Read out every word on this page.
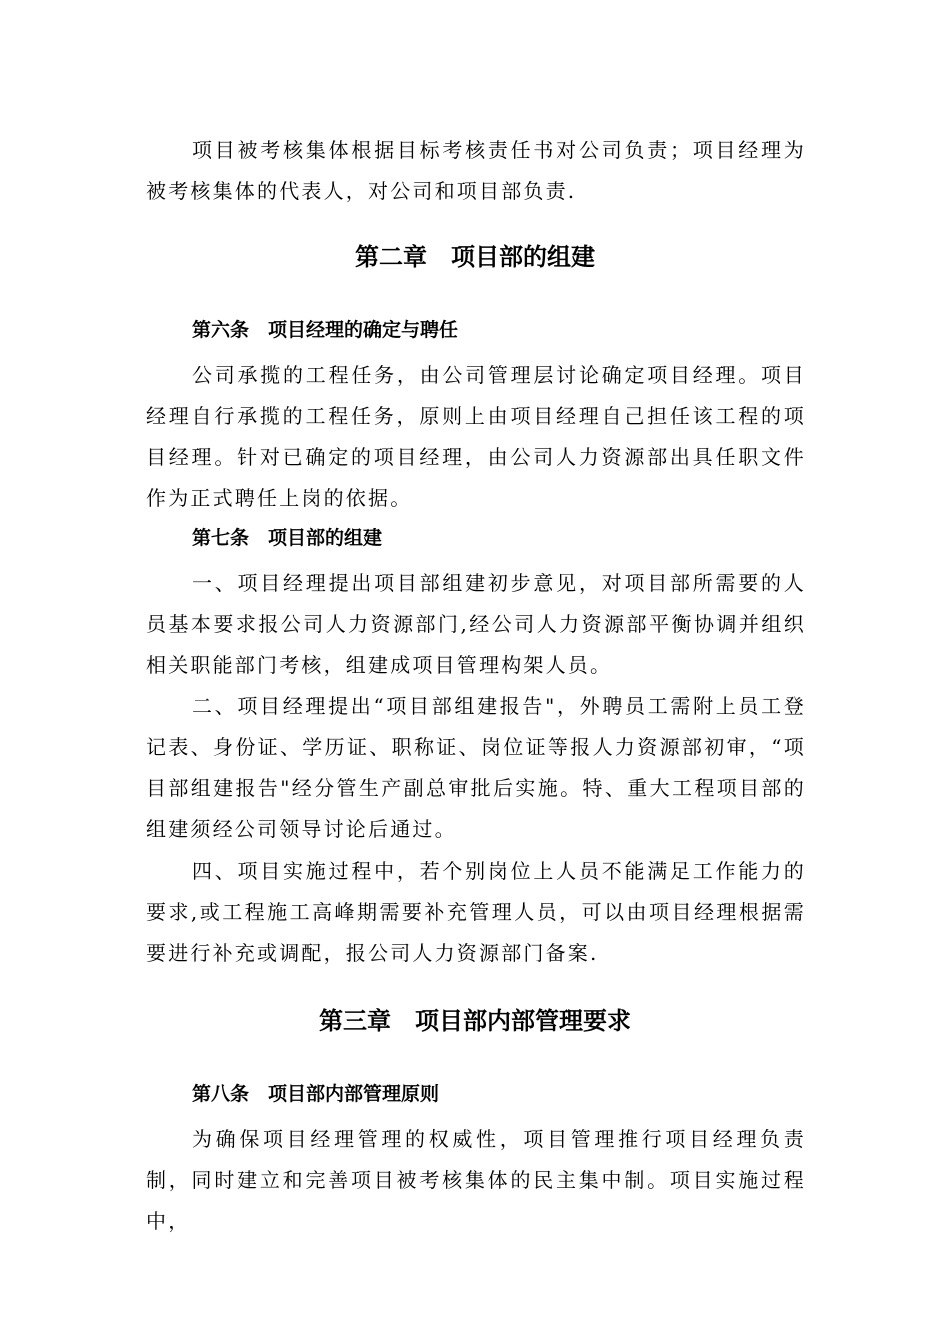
项目被考核集体根据目标考核责任书对公司负责；项目经理为被考核集体的代表人，对公司和项目部负责.

第二章　项目部的组建
第六条　项目经理的确定与聘任

公司承揽的工程任务，由公司管理层讨论确定项目经理。项目经理自行承揽的工程任务，原则上由项目经理自己担任该工程的项目经理。针对已确定的项目经理，由公司人力资源部出具任职文件作为正式聘任上岗的依据。

第七条　项目部的组建

一、项目经理提出项目部组建初步意见，对项目部所需要的人员基本要求报公司人力资源部门,经公司人力资源部平衡协调并组织相关职能部门考核，组建成项目管理构架人员。

二、项目经理提出“项目部组建报告"，外聘员工需附上员工登记表、身份证、学历证、职称证、岗位证等报人力资源部初审，“项目部组建报告"经分管生产副总审批后实施。特、重大工程项目部的组建须经公司领导讨论后通过。

四、项目实施过程中，若个别岗位上人员不能满足工作能力的要求,或工程施工高峰期需要补充管理人员，可以由项目经理根据需要进行补充或调配，报公司人力资源部门备案.

第三章　项目部内部管理要求
第八条　项目部内部管理原则

为确保项目经理管理的权威性，项目管理推行项目经理负责制，同时建立和完善项目被考核集体的民主集中制。项目实施过程中，
